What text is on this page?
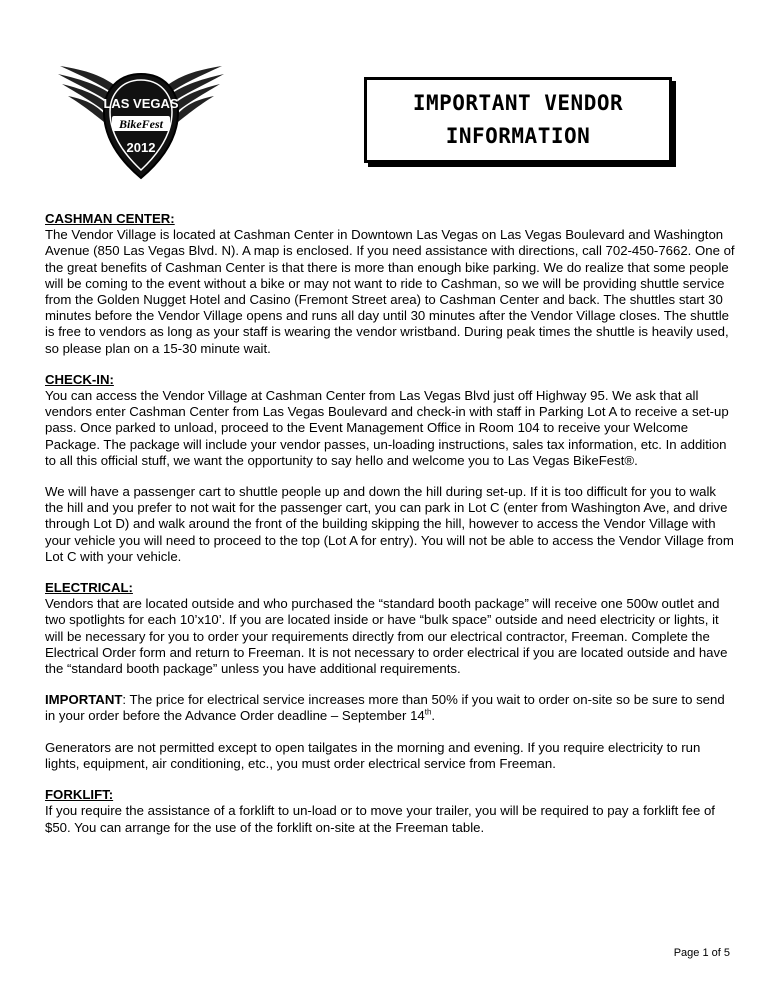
LAS VEGAS
BikeFest
2012
IMPORTANT VENDOR
INFORMATION
CASHMAN CENTER:
The Vendor Village is located at Cashman Center in Downtown Las Vegas on Las Vegas Boulevard and Washington Avenue (850 Las Vegas Blvd. N). A map is enclosed. If you need assistance with directions, call 702-450-7662. One of the great benefits of Cashman Center is that there is more than enough bike parking. We do realize that some people will be coming to the event without a bike or may not want to ride to Cashman, so we will be providing shuttle service from the Golden Nugget Hotel and Casino (Fremont Street area) to Cashman Center and back. The shuttles start 30 minutes before the Vendor Village opens and runs all day until 30 minutes after the Vendor Village closes. The shuttle is free to vendors as long as your staff is wearing the vendor wristband. During peak times the shuttle is heavily used, so please plan on a 15-30 minute wait.
CHECK-IN:

You can access the Vendor Village at Cashman Center from Las Vegas Blvd just off Highway 95. We ask that all vendors enter Cashman Center from Las Vegas Boulevard and check-in with staff in Parking Lot A to receive a set-up pass. Once parked to unload, proceed to the Event Management Office in Room 104 to receive your Welcome Package. The package will include your vendor passes, un-loading instructions, sales tax information, etc. In addition to all this official stuff, we want the opportunity to say hello and welcome you to Las Vegas BikeFest®.

We will have a passenger cart to shuttle people up and down the hill during set-up. If it is too difficult for you to walk the hill and you prefer to not wait for the passenger cart, you can park in Lot C (enter from Washington Ave, and drive through Lot D) and walk around the front of the building skipping the hill, however to access the Vendor Village with your vehicle you will need to proceed to the top (Lot A for entry). You will not be able to access the Vendor Village from Lot C with your vehicle.
ELECTRICAL:

Vendors that are located outside and who purchased the “standard booth package” will receive one 500w outlet and two spotlights for each 10’x10’. If you are located inside or have “bulk space” outside and need electricity or lights, it will be necessary for you to order your requirements directly from our electrical contractor, Freeman. Complete the Electrical Order form and return to Freeman. It is not necessary to order electrical if you are located outside and have the “standard booth package” unless you have additional requirements.

IMPORTANT: The price for electrical service increases more than 50% if you wait to order on-site so be sure to send in your order before the Advance Order deadline – September 14th.

Generators are not permitted except to open tailgates in the morning and evening. If you require electricity to run lights, equipment, air conditioning, etc., you must order electrical service from Freeman.
FORKLIFT:
If you require the assistance of a forklift to un-load or to move your trailer, you will be required to pay a forklift fee of $50. You can arrange for the use of the forklift on-site at the Freeman table.
Page 1 of 5
